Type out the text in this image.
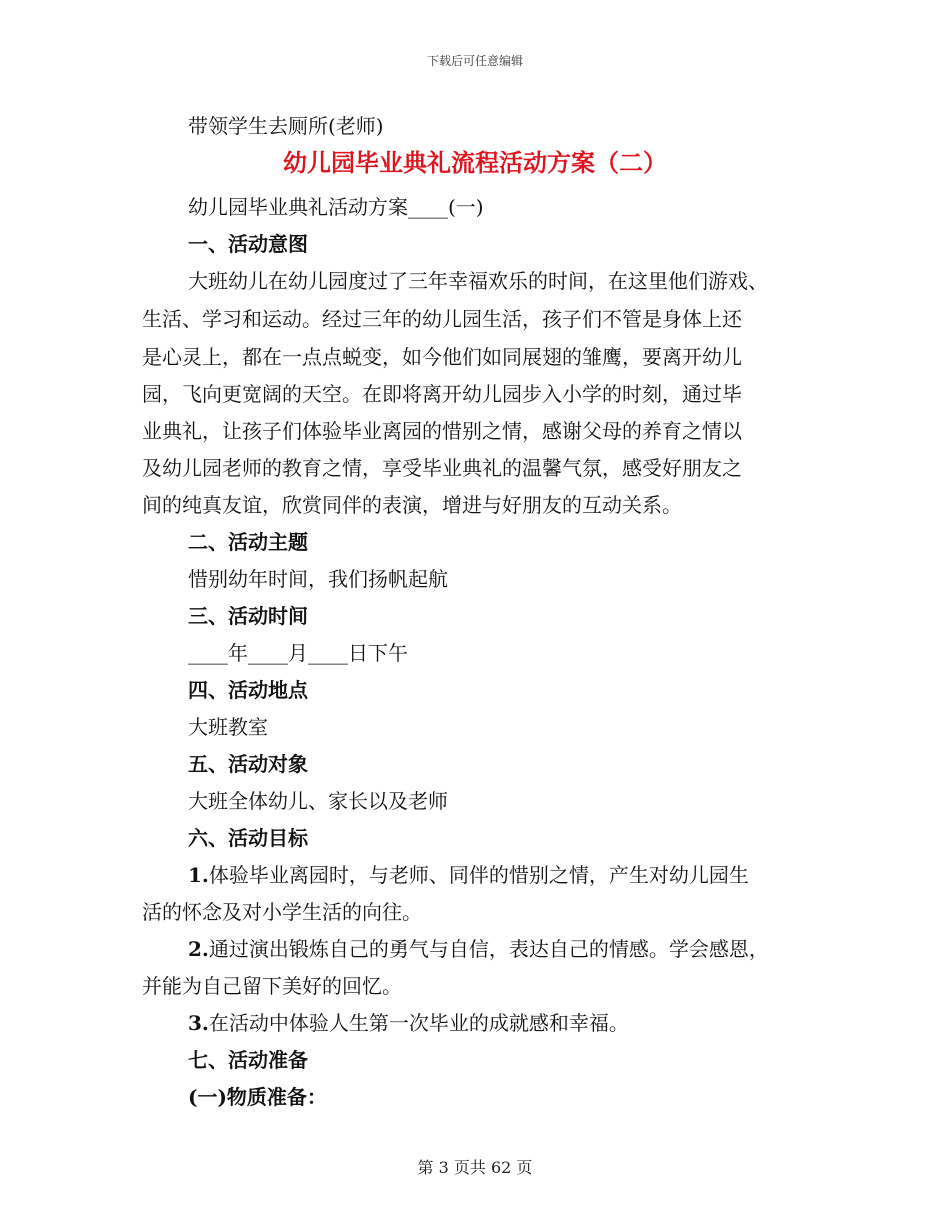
下载后可任意编辑
带领学生去厕所(老师)
幼儿园毕业典礼流程活动方案（二）
幼儿园毕业典礼活动方案____(一)
一、活动意图
大班幼儿在幼儿园度过了三年幸福欢乐的时间，在这里他们游戏、
生活、学习和运动。经过三年的幼儿园生活，孩子们不管是身体上还
是心灵上，都在一点点蜕变，如今他们如同展翅的雏鹰，要离开幼儿
园，飞向更宽阔的天空。在即将离开幼儿园步入小学的时刻，通过毕
业典礼，让孩子们体验毕业离园的惜别之情，感谢父母的养育之情以
及幼儿园老师的教育之情，享受毕业典礼的温馨气氛，感受好朋友之
间的纯真友谊，欣赏同伴的表演，增进与好朋友的互动关系。
二、活动主题
惜别幼年时间，我们扬帆起航
三、活动时间
____年____月____日下午
四、活动地点
大班教室
五、活动对象
大班全体幼儿、家长以及老师
六、活动目标
1.体验毕业离园时，与老师、同伴的惜别之情，产生对幼儿园生
活的怀念及对小学生活的向往。
2.通过演出锻炼自己的勇气与自信，表达自己的情感。学会感恩，
并能为自己留下美好的回忆。
3.在活动中体验人生第一次毕业的成就感和幸福。
七、活动准备
(一)物质准备：
第 3 页共 62 页
